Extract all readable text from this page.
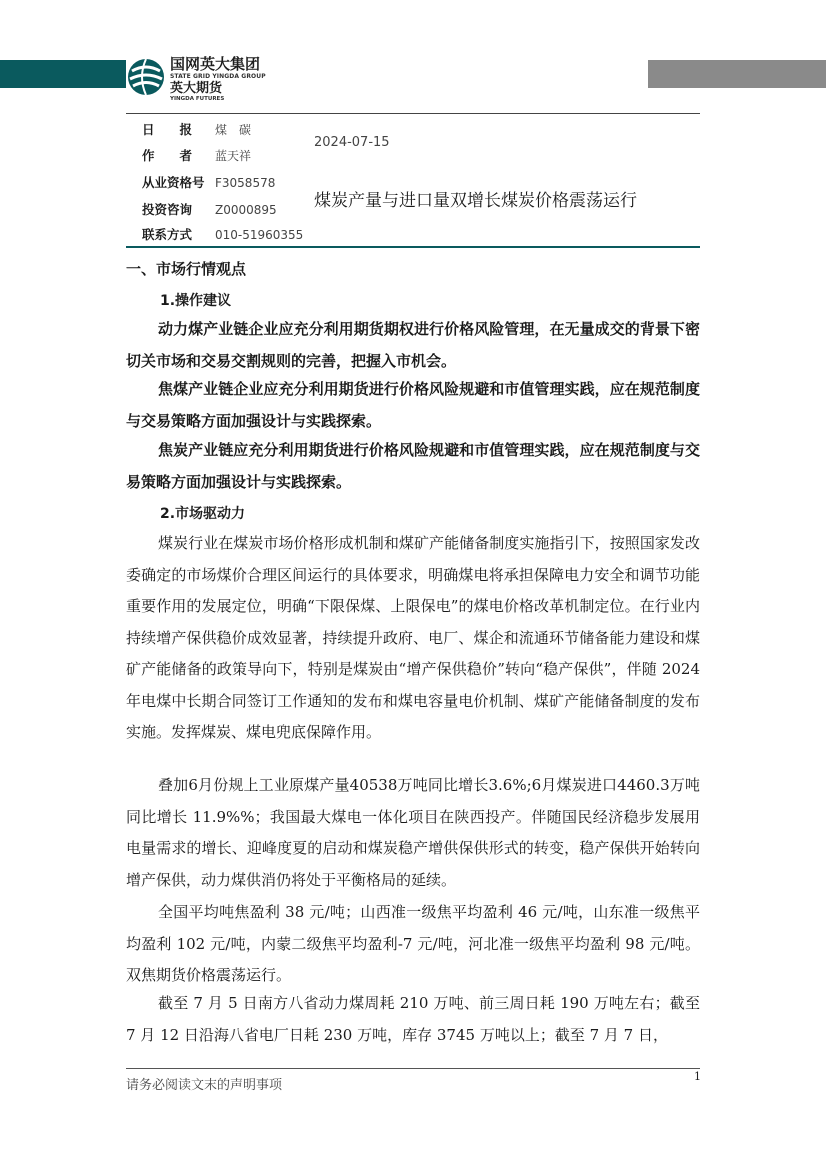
国网英大集团
STATE GRID YINGDA GROUP
英大期货
YINGDA FUTURES
日　　报	煤　碳
作　　者	蓝天祥
从业资格号 F3058578
投资咨询	Z0000895
联系方式	010-51960355
2024-07-15
煤炭产量与进口量双增长煤炭价格震荡运行
一、市场行情观点
1.操作建议
动力煤产业链企业应充分利用期货期权进行价格风险管理，在无量成交的背景下密切关市场和交易交割规则的完善，把握入市机会。
焦煤产业链企业应充分利用期货进行价格风险规避和市值管理实践，应在规范制度与交易策略方面加强设计与实践探索。
焦炭产业链应充分利用期货进行价格风险规避和市值管理实践，应在规范制度与交易策略方面加强设计与实践探索。
2.市场驱动力
煤炭行业在煤炭市场价格形成机制和煤矿产能储备制度实施指引下，按照国家发改委确定的市场煤价合理区间运行的具体要求，明确煤电将承担保障电力安全和调节功能重要作用的发展定位，明确“下限保煤、上限保电”的煤电价格改革机制定位。在行业内持续增产保供稳价成效显著，持续提升政府、电厂、煤企和流通环节储备能力建设和煤矿产能储备的政策导向下，特别是煤炭由“增产保供稳价”转向“稳产保供”，伴随 2024 年电煤中长期合同签订工作通知的发布和煤电容量电价机制、煤矿产能储备制度的发布实施。发挥煤炭、煤电兜底保障作用。
叠加6月份规上工业原煤产量40538万吨同比增长3.6%;6月煤炭进口4460.3万吨同比增长 11.9%%；我国最大煤电一体化项目在陕西投产。伴随国民经济稳步发展用电量需求的增长、迎峰度夏的启动和煤炭稳产增供保供形式的转变，稳产保供开始转向增产保供，动力煤供消仍将处于平衡格局的延续。
全国平均吨焦盈利 38 元/吨；山西准一级焦平均盈利 46 元/吨，山东准一级焦平均盈利 102 元/吨，内蒙二级焦平均盈利-7 元/吨，河北准一级焦平均盈利 98 元/吨。双焦期货价格震荡运行。
截至 7 月 5 日南方八省动力煤周耗 210 万吨、前三周日耗 190 万吨左右；截至 7 月 12 日沿海八省电厂日耗 230 万吨，库存 3745 万吨以上；截至 7 月 7 日，
请务必阅读文末的声明事项
1
